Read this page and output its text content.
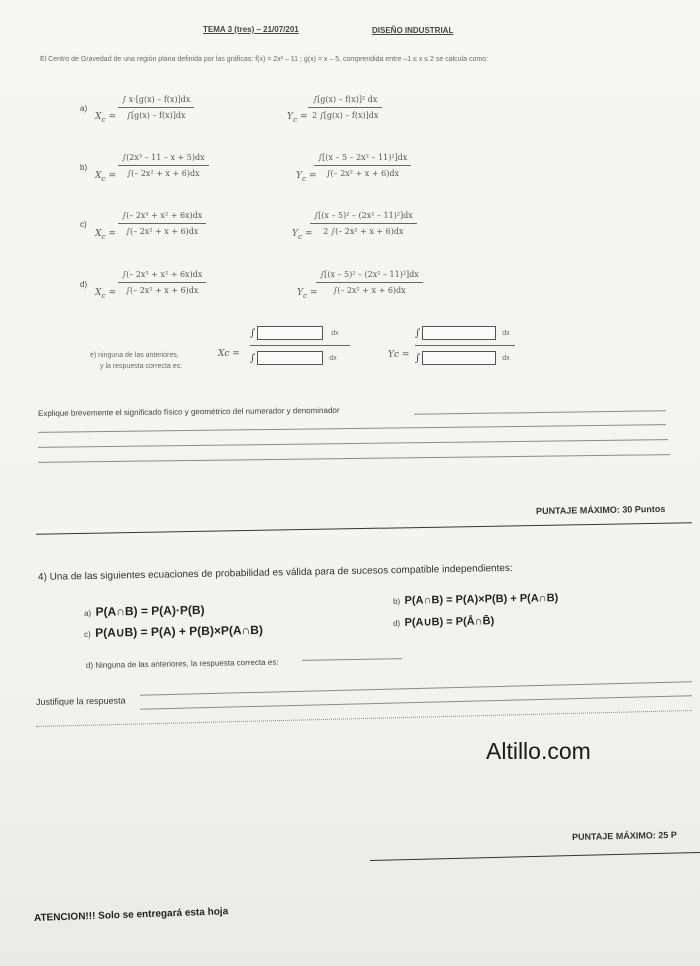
TEMA 3 (tres) – 21/07/201	DISEÑO INDUSTRIAL
El Centro de Gravedad de una región plana definida por las gráficas: f(x) = 2x² – 11 ; g(x) = x – 5, comprendida entre –1 ≤ x ≤ 2 se calcula como:
a)
$X_c$ =
∫ x·[g(x) – f(x)]dx
∫[g(x) – f(x)]dx	$Y_c$ =
∫[g(x) – f(x)]² dx
2 ∫[g(x) – f(x)]dx
b)
$X_c$ =
∫(2x³ – 11 – x + 5)dx
∫(– 2x² + x + 6)dx	$Y_c$ =
∫[(x – 5 – 2x² – 11)²]dx
∫(– 2x² + x + 6)dx
c)
$X_c$ =
∫(– 2x³ + x² + 6x)dx
∫(– 2x² + x + 6)dx	$Y_c$ =
∫[(x – 5)² – (2x² – 11)²]dx
2 ∫(– 2x² + x + 6)dx
d)
$X_c$ =
∫(– 2x³ + x² + 6x)dx
∫(– 2x² + x + 6)dx	$Y_c$ =
∫[(x – 5)² – (2x² – 11)²]dx
∫(– 2x² + x + 6)dx
e) ninguna de las anteriores,
y la respuesta correcta es:
Xc =
∫	dx
∫	dx	Yc =
∫	dx
∫	dx
Explique brevemente el significado físico y geométrico del numerador y denominador
PUNTAJE MÁXIMO: 30 Puntos
4) Una de las siguientes ecuaciones de probabilidad es válida para de sucesos compatible independientes:
a) P(A∩B) = P(A)·P(B)
b) P(A∩B) = P(A)×P(B) + P(A∩B)
c) P(A∪B) = P(A) + P(B)×P(A∩B)	d) P(A∪B) = P(Ā∩B̄)
d) Ninguna de las anteriores, la respuesta correcta es:
Justifique la respuesta
Altillo.com
PUNTAJE MÁXIMO: 25 P
ATENCION!!! Solo se entregará esta hoja
